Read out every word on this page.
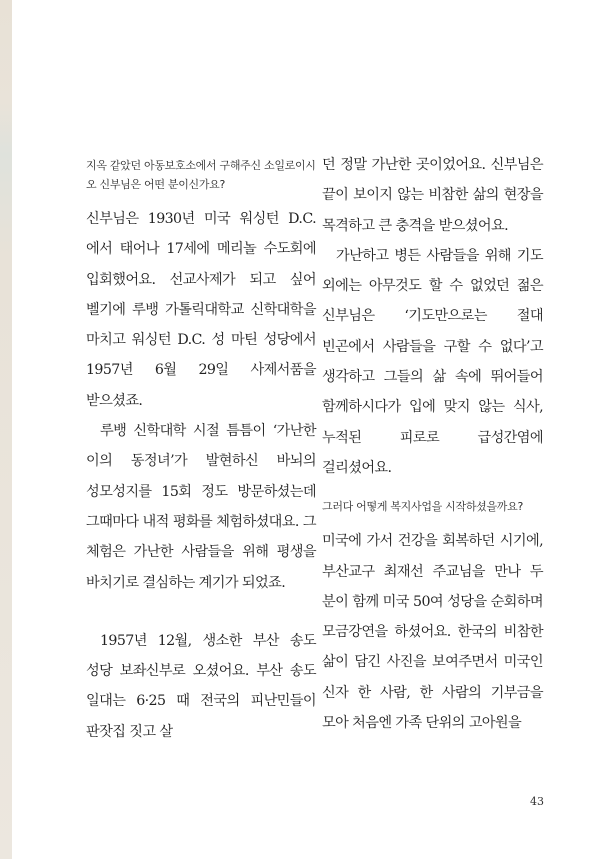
지옥 같았던 아동보호소에서 구해주신 소일로이시오 신부님은 어떤 분이신가요?

신부님은 1930년 미국 워싱턴 D.C.에서 태어나 17세에 메리놀 수도회에 입회했어요. 선교사제가 되고 싶어 벨기에 루뱅 가톨릭대학교 신학대학을 마치고 워싱턴 D.C. 성 마틴 성당에서 1957년 6월 29일 사제서품을 받으셨죠.

루뱅 신학대학 시절 틈틈이 ‘가난한 이의 동정녀’가 발현하신 바뇌의 성모성지를 15회 정도 방문하셨는데 그때마다 내적 평화를 체험하셨대요. 그 체험은 가난한 사람들을 위해 평생을 바치기로 결심하는 계기가 되었죠.

1957년 12월, 생소한 부산 송도 성당 보좌신부로 오셨어요. 부산 송도 일대는 6·25 때 전국의 피난민들이 판잣집 짓고 살

던 정말 가난한 곳이었어요. 신부님은 끝이 보이지 않는 비참한 삶의 현장을 목격하고 큰 충격을 받으셨어요.

가난하고 병든 사람들을 위해 기도 외에는 아무것도 할 수 없었던 젊은 신부님은 ‘기도만으로는 절대 빈곤에서 사람들을 구할 수 없다’고 생각하고 그들의 삶 속에 뛰어들어 함께하시다가 입에 맞지 않는 식사, 누적된 피로로 급성간염에 걸리셨어요.

그러다 어떻게 복지사업을 시작하셨을까요?

미국에 가서 건강을 회복하던 시기에, 부산교구 최재선 주교님을 만나 두 분이 함께 미국 50여 성당을 순회하며 모금강연을 하셨어요. 한국의 비참한 삶이 담긴 사진을 보여주면서 미국인 신자 한 사람, 한 사람의 기부금을 모아 처음엔 가족 단위의 고아원을

43
